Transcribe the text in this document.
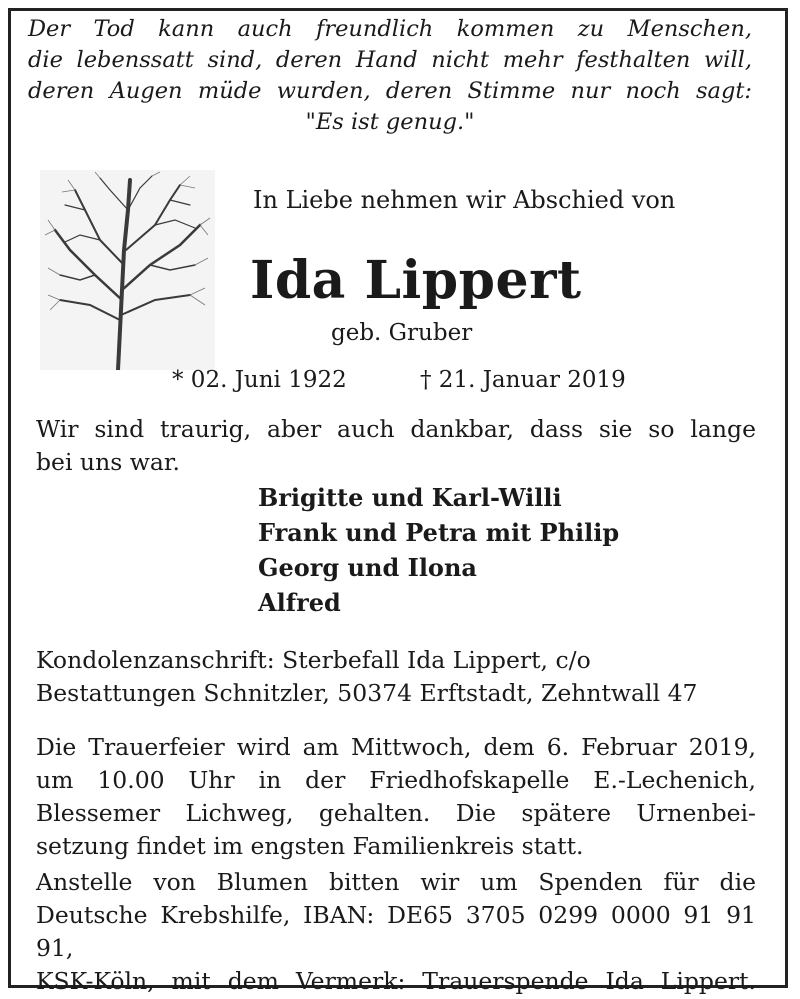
Der Tod kann auch freundlich kommen zu Menschen,
die lebenssatt sind, deren Hand nicht mehr festhalten will,
deren Augen müde wurden, deren Stimme nur noch sagt:
"Es ist genug."
In Liebe nehmen wir Abschied von
Ida Lippert
geb. Gruber
* 02. Juni 1922	† 21. Januar 2019
Wir sind traurig, aber auch dankbar, dass sie so lange
bei uns war.
Brigitte und Karl-Willi
Frank und Petra mit Philip
Georg und Ilona
Alfred
Kondolenzanschrift: Sterbefall Ida Lippert, c/o
Bestattungen Schnitzler, 50374 Erftstadt, Zehntwall 47
Die Trauerfeier wird am Mittwoch, dem 6. Februar 2019,
um 10.00 Uhr in der Friedhofskapelle E.-Lechenich,
Blessemer Lichweg, gehalten. Die spätere Urnenbei-
setzung findet im engsten Familienkreis statt.
Anstelle von Blumen bitten wir um Spenden für die
Deutsche Krebshilfe, IBAN: DE65 3705 0299 0000 91 91 91,
KSK-Köln, mit dem Vermerk: Trauerspende Ida Lippert.
